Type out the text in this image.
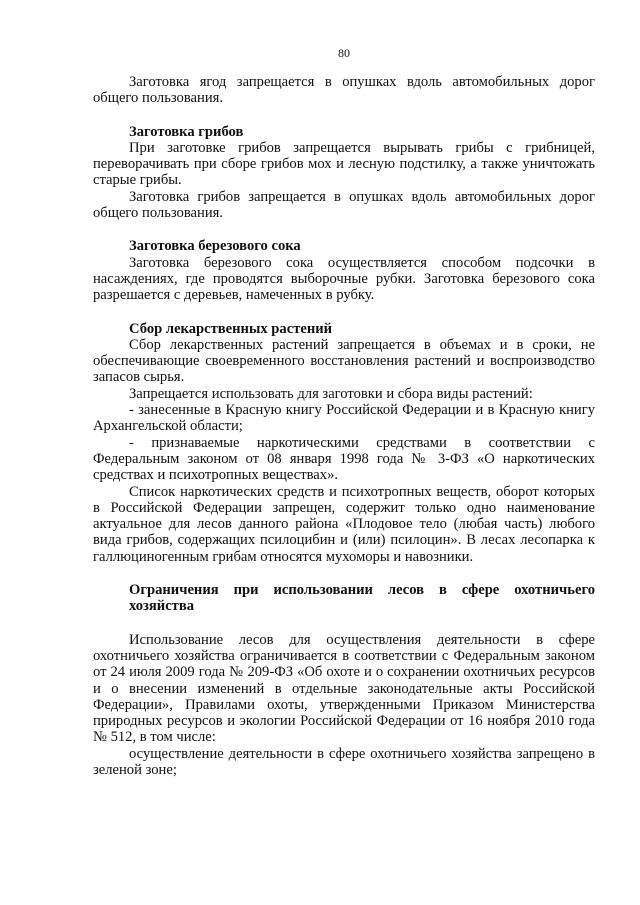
80

Заготовка ягод запрещается в опушках вдоль автомобильных дорог общего пользования.

Заготовка грибов

При заготовке грибов запрещается вырывать грибы с грибницей, переворачивать при сборе грибов мох и лесную подстилку, а также уничтожать старые грибы.

Заготовка грибов запрещается в опушках вдоль автомобильных дорог общего пользования.

Заготовка березового сока

Заготовка березового сока осуществляется способом подсочки в насаждениях, где проводятся выборочные рубки. Заготовка березового сока разрешается с деревьев, намеченных в рубку.

Сбор лекарственных растений

Сбор лекарственных растений запрещается в объемах и в сроки, не обеспечивающие своевременного восстановления растений и воспроизводство запасов сырья.

Запрещается использовать для заготовки и сбора виды растений:

- занесенные в Красную книгу Российской Федерации и в Красную книгу Архангельской области;

- признаваемые наркотическими средствами в соответствии с Федеральным законом от 08 января 1998 года № 3-ФЗ «О наркотических средствах и психотропных веществах».

Список наркотических средств и психотропных веществ, оборот которых в Российской Федерации запрещен, содержит только одно наименование актуальное для лесов данного района «Плодовое тело (любая часть) любого вида грибов, содержащих псилоцибин и (или) псилоцин». В лесах лесопарка к галлюциногенным грибам относятся мухоморы и навозники.

Ограничения при использовании лесов в сфере охотничьего хозяйства

Использование лесов для осуществления деятельности в сфере охотничьего хозяйства ограничивается в соответствии с Федеральным законом от 24 июля 2009 года № 209-ФЗ «Об охоте и о сохранении охотничьих ресурсов и о внесении изменений в отдельные законодательные акты Российской Федерации», Правилами охоты, утвержденными Приказом Министерства природных ресурсов и экологии Российской Федерации от 16 ноября 2010 года № 512, в том числе:

осуществление деятельности в сфере охотничьего хозяйства запрещено в зеленой зоне;
